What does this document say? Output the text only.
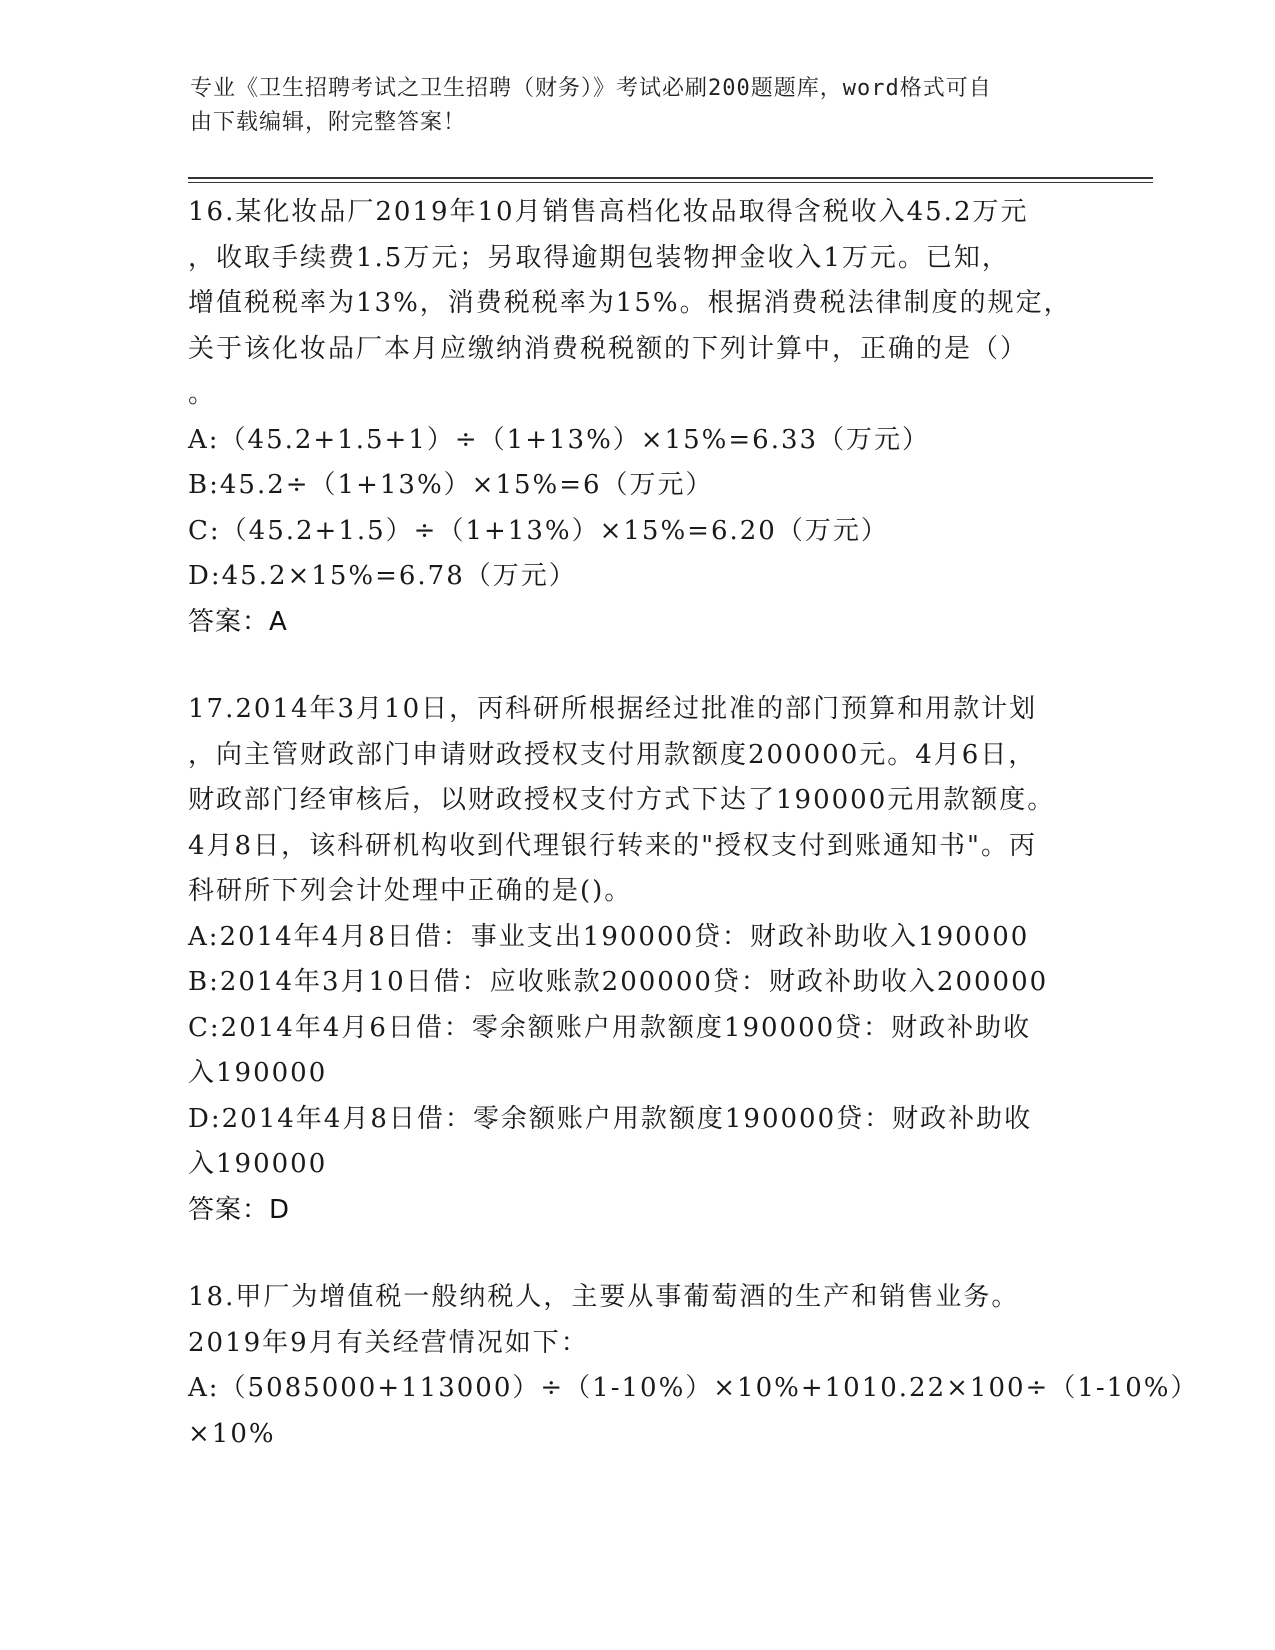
专业《卫生招聘考试之卫生招聘（财务）》考试必刷200题题库，word格式可自
由下载编辑，附完整答案！
16.某化妆品厂2019年10月销售高档化妆品取得含税收入45.2万元
，收取手续费1.5万元；另取得逾期包装物押金收入1万元。已知，
增值税税率为13%，消费税税率为15%。根据消费税法律制度的规定，
关于该化妆品厂本月应缴纳消费税税额的下列计算中，正确的是（）
。
A:（45.2+1.5+1）÷（1+13%）×15%=6.33（万元）
B:45.2÷（1+13%）×15%=6（万元）
C:（45.2+1.5）÷（1+13%）×15%=6.20（万元）
D:45.2×15%=6.78（万元）
答案：A
17.2014年3月10日，丙科研所根据经过批准的部门预算和用款计划
，向主管财政部门申请财政授权支付用款额度200000元。4月6日，
财政部门经审核后，以财政授权支付方式下达了190000元用款额度。
4月8日，该科研机构收到代理银行转来的"授权支付到账通知书"。丙
科研所下列会计处理中正确的是()。
A:2014年4月8日借：事业支出190000贷：财政补助收入190000
B:2014年3月10日借：应收账款200000贷：财政补助收入200000
C:2014年4月6日借：零余额账户用款额度190000贷：财政补助收
入190000
D:2014年4月8日借：零余额账户用款额度190000贷：财政补助收
入190000
答案：D
18.甲厂为增值税一般纳税人，主要从事葡萄酒的生产和销售业务。
2019年9月有关经营情况如下：
A:（5085000+113000）÷（1-10%）×10%+1010.22×100÷（1-10%）
×10%
